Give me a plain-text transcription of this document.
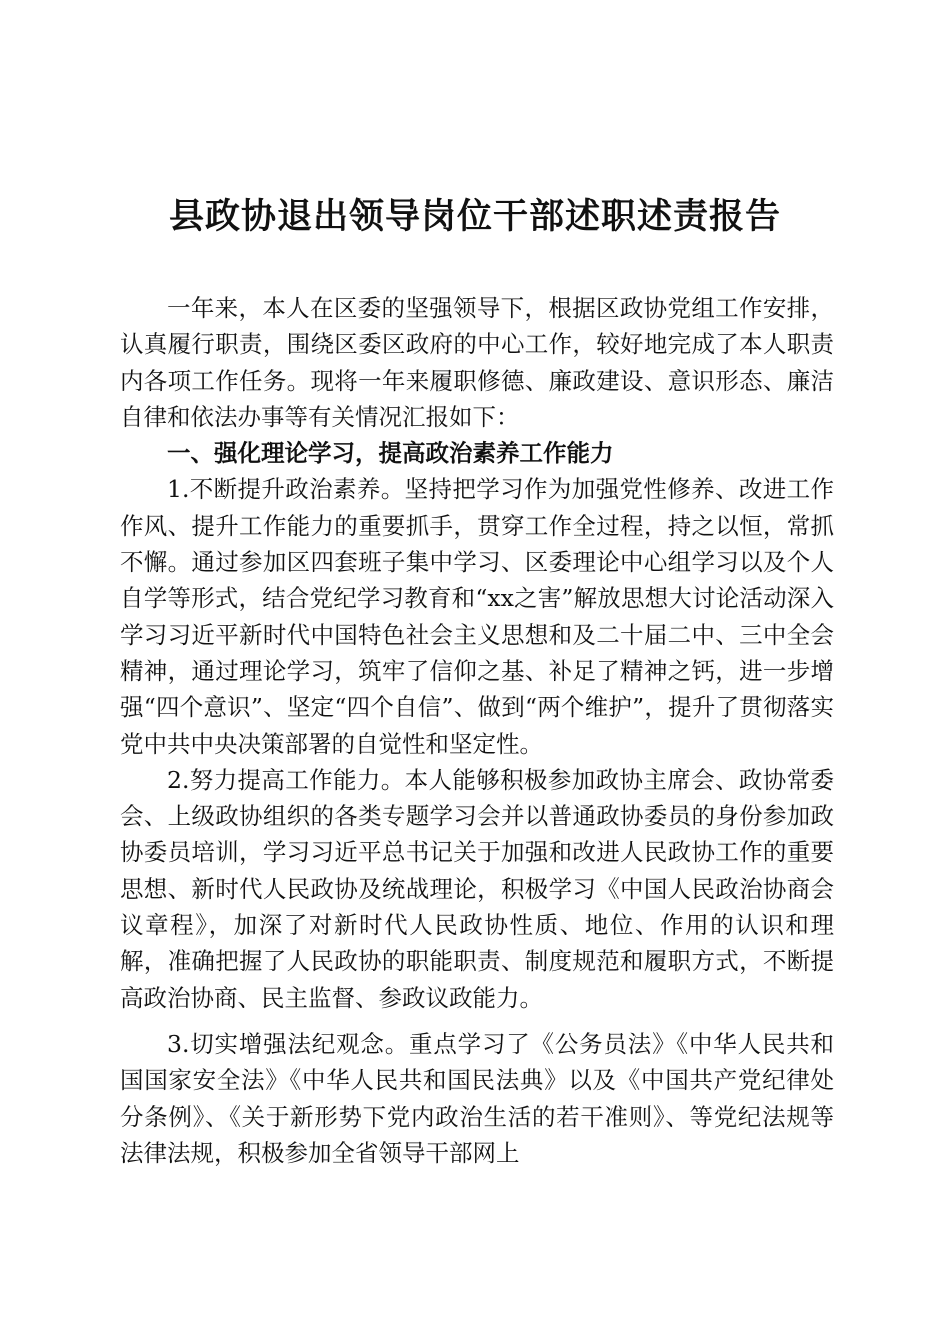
县政协退出领导岗位干部述职述责报告

一年来，本人在区委的坚强领导下，根据区政协党组工作安排，认真履行职责，围绕区委区政府的中心工作，较好地完成了本人职责内各项工作任务。现将一年来履职修德、廉政建设、意识形态、廉洁自律和依法办事等有关情况汇报如下：

一、强化理论学习，提高政治素养工作能力

1.不断提升政治素养。坚持把学习作为加强党性修养、改进工作作风、提升工作能力的重要抓手，贯穿工作全过程，持之以恒，常抓不懈。通过参加区四套班子集中学习、区委理论中心组学习以及个人自学等形式，结合党纪学习教育和“xx之害”解放思想大讨论活动深入学习习近平新时代中国特色社会主义思想和及二十届二中、三中全会精神，通过理论学习，筑牢了信仰之基、补足了精神之钙，进一步增强“四个意识”、坚定“四个自信”、做到“两个维护”，提升了贯彻落实党中共中央决策部署的自觉性和坚定性。

2.努力提高工作能力。本人能够积极参加政协主席会、政协常委会、上级政协组织的各类专题学习会并以普通政协委员的身份参加政协委员培训，学习习近平总书记关于加强和改进人民政协工作的重要思想、新时代人民政协及统战理论，积极学习《中国人民政治协商会议章程》，加深了对新时代人民政协性质、地位、作用的认识和理解，准确把握了人民政协的职能职责、制度规范和履职方式，不断提高政治协商、民主监督、参政议政能力。

3.切实增强法纪观念。重点学习了《公务员法》《中华人民共和国国家安全法》《中华人民共和国民法典》以及《中国共产党纪律处分条例》、《关于新形势下党内政治生活的若干准则》、等党纪法规等法律法规，积极参加全省领导干部网上
